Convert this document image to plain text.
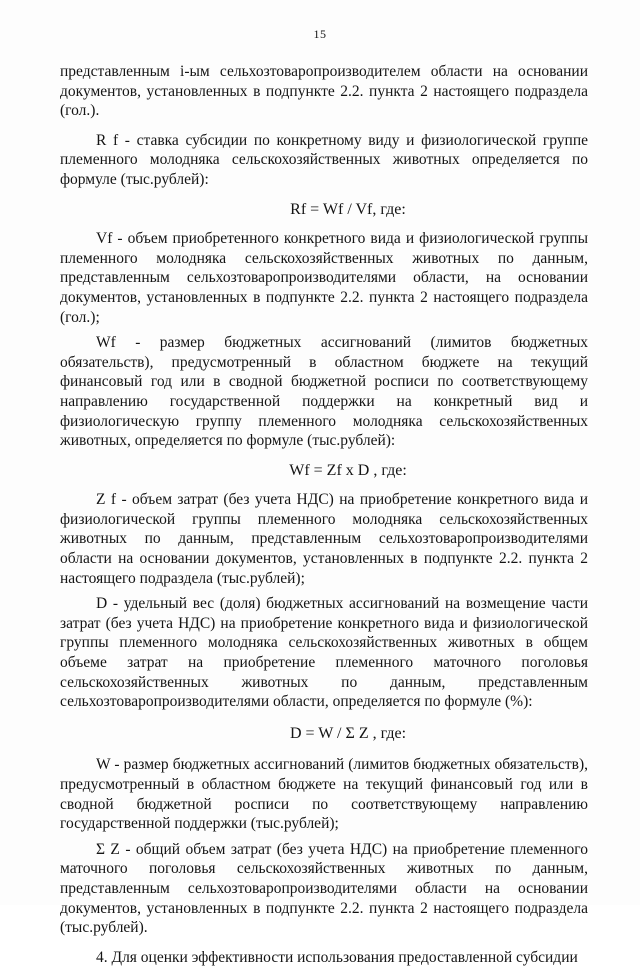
15

представленным i-ым сельхозтоваропроизводителем области на основании документов, установленных в подпункте 2.2. пункта 2 настоящего подраздела (гол.).

R f - ставка субсидии по конкретному виду и физиологической группе племенного молодняка сельскохозяйственных животных определяется по формуле (тыс.рублей):

Rf = Wf / Vf, где:

Vf - объем приобретенного конкретного вида и физиологической группы племенного молодняка сельскохозяйственных животных по данным, представленным сельхозтоваропроизводителями области, на основании документов, установленных в подпункте 2.2. пункта 2 настоящего подраздела (гол.);

Wf - размер бюджетных ассигнований (лимитов бюджетных обязательств), предусмотренный в областном бюджете на текущий финансовый год или в сводной бюджетной росписи по соответствующему направлению государственной поддержки на конкретный вид и физиологическую группу племенного молодняка сельскохозяйственных животных, определяется по формуле (тыс.рублей):

Wf = Zf x D , где:

Z f - объем затрат (без учета НДС) на приобретение конкретного вида и физиологической группы племенного молодняка сельскохозяйственных животных по данным, представленным сельхозтоваропроизводителями области на основании документов, установленных в подпункте 2.2. пункта 2 настоящего подраздела (тыс.рублей);

D - удельный вес (доля) бюджетных ассигнований на возмещение части затрат (без учета НДС) на приобретение конкретного вида и физиологической группы племенного молодняка сельскохозяйственных животных в общем объеме затрат на приобретение племенного маточного поголовья сельскохозяйственных животных по данным, представленным сельхозтоваропроизводителями области, определяется по формуле (%):

D = W / Σ Z , где:

W - размер бюджетных ассигнований (лимитов бюджетных обязательств), предусмотренный в областном бюджете на текущий финансовый год или в сводной бюджетной росписи по соответствующему направлению государственной поддержки (тыс.рублей);

Σ Z - общий объем затрат (без учета НДС) на приобретение племенного маточного поголовья сельскохозяйственных животных по данным, представленным сельхозтоваропроизводителями области на основании документов, установленных в подпункте 2.2. пункта 2 настоящего подраздела (тыс.рублей).

4. Для оценки эффективности использования предоставленной субсидии
